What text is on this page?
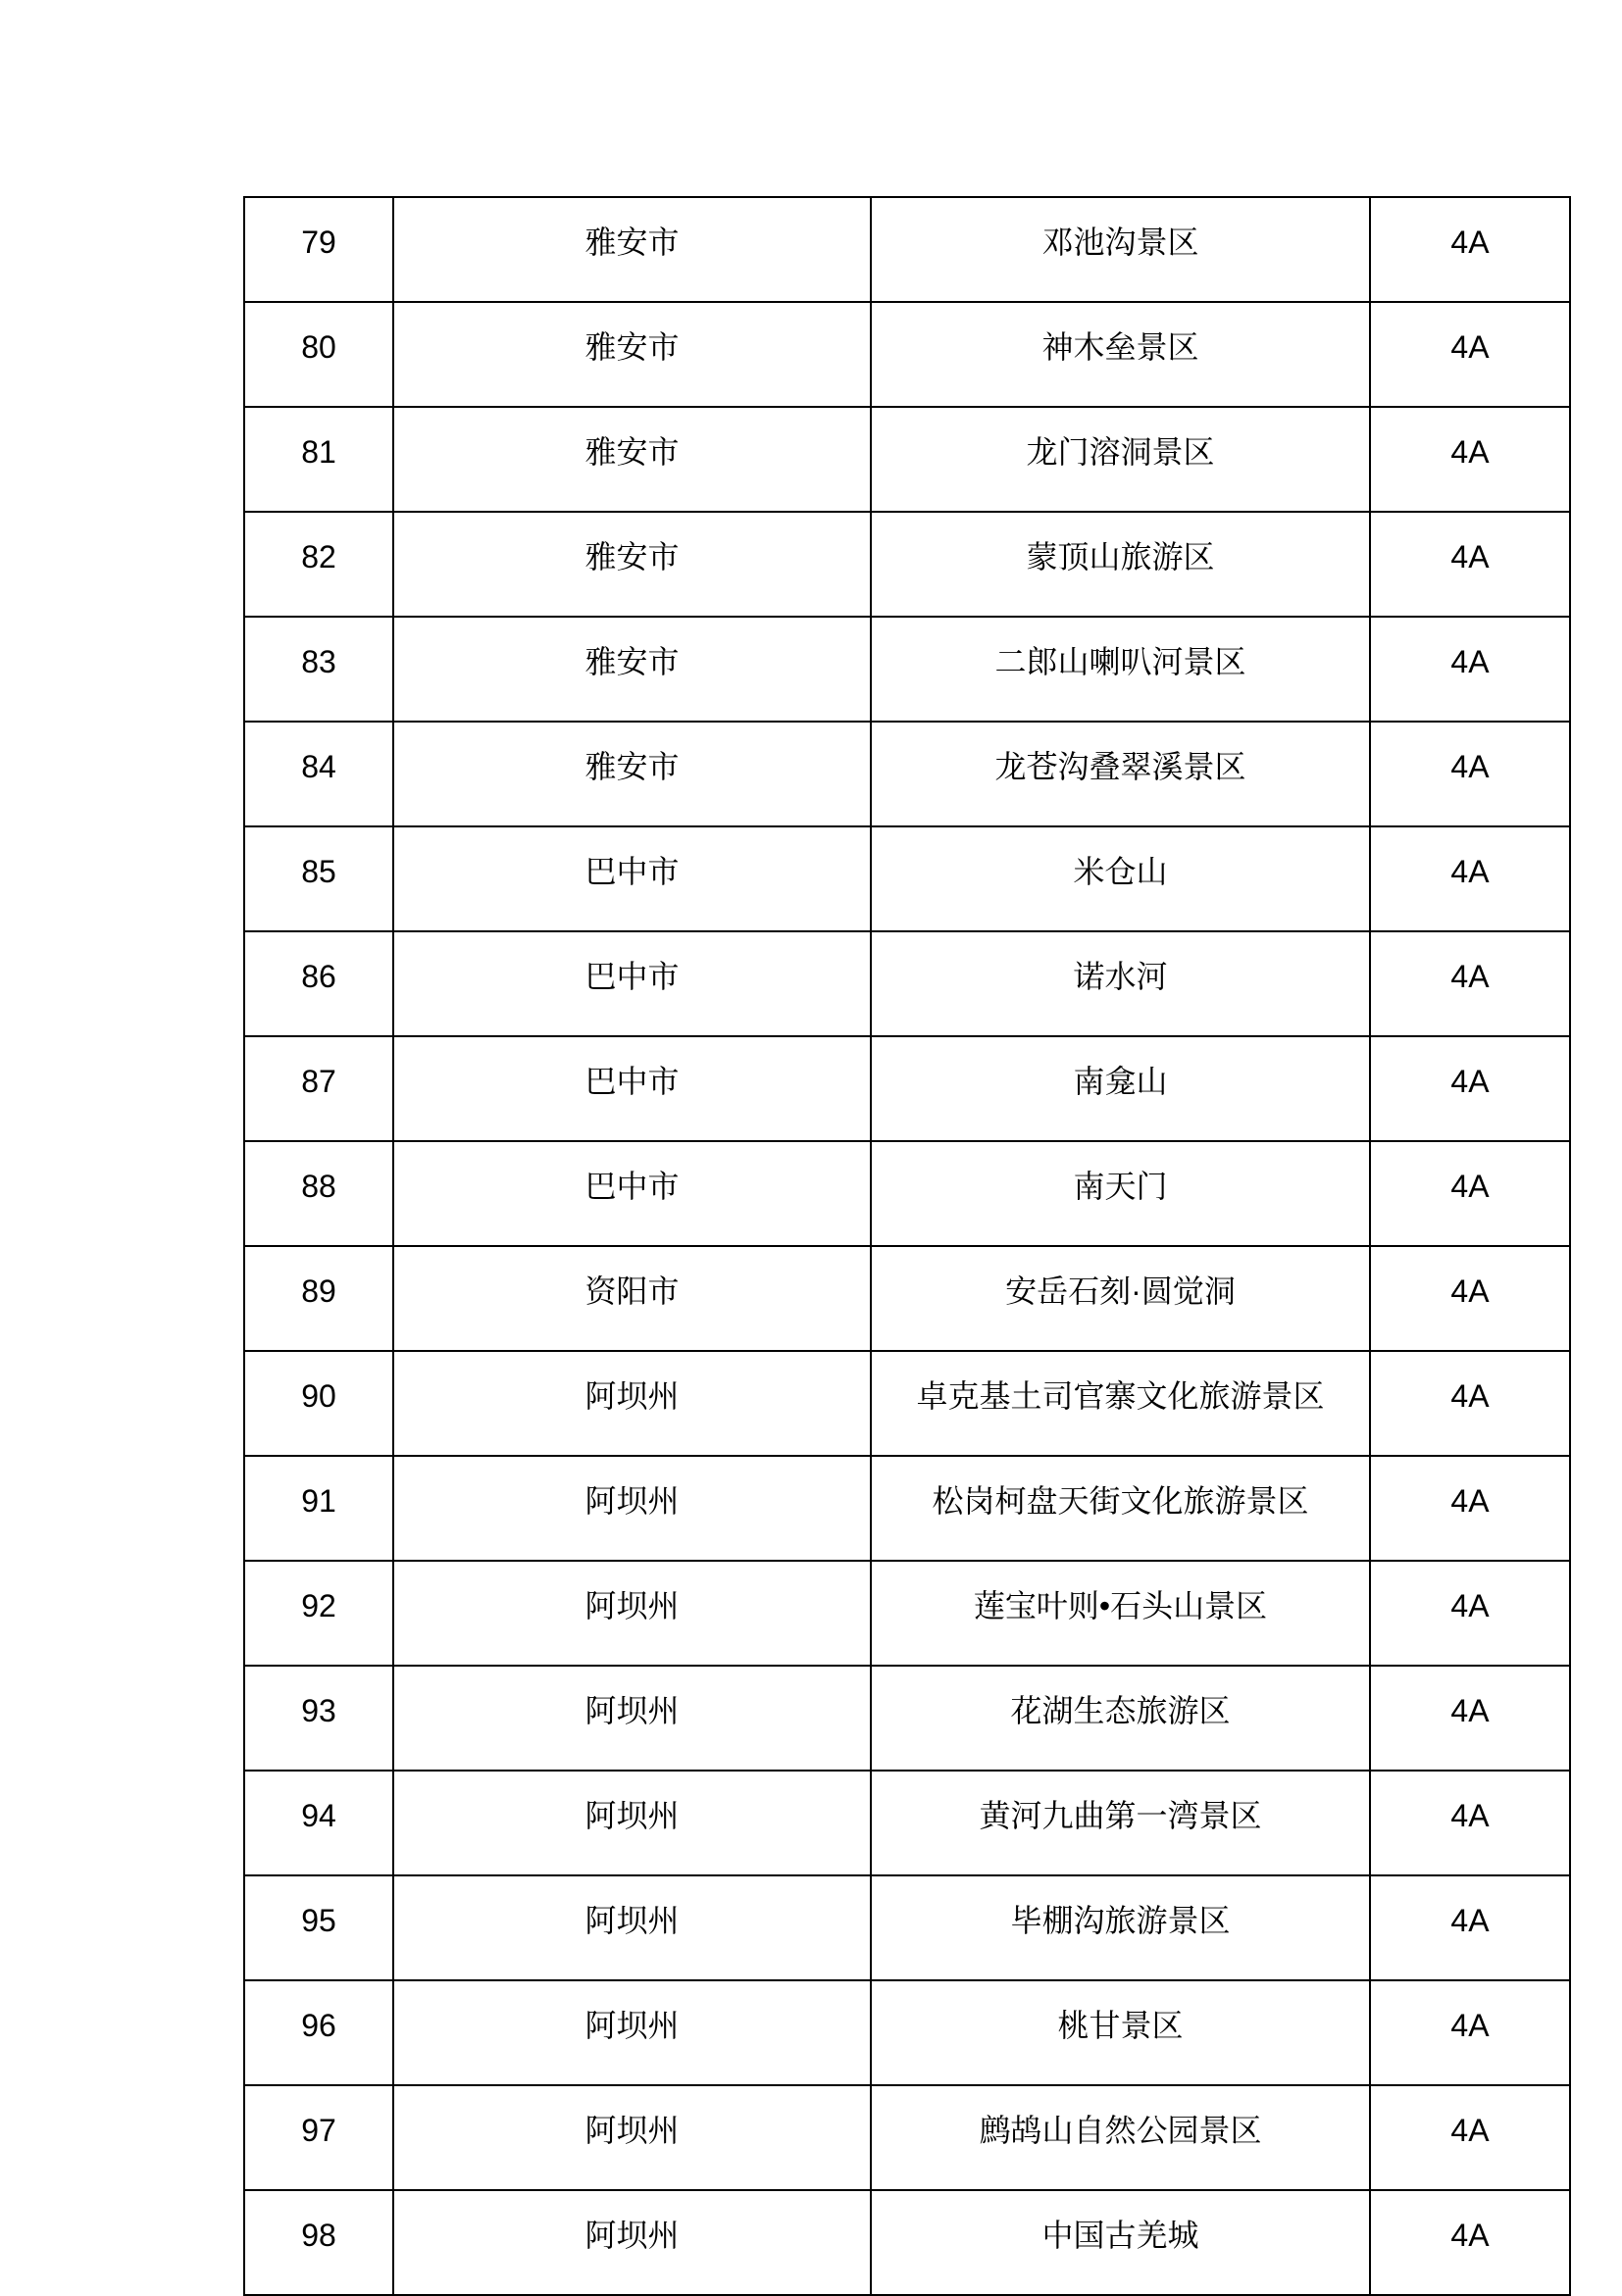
79	雅安市	邓池沟景区	4A
80	雅安市	神木垒景区	4A
81	雅安市	龙门溶洞景区	4A
82	雅安市	蒙顶山旅游区	4A
83	雅安市	二郎山喇叭河景区	4A
84	雅安市	龙苍沟叠翠溪景区	4A
85	巴中市	米仓山	4A
86	巴中市	诺水河	4A
87	巴中市	南龛山	4A
88	巴中市	南天门	4A
89	资阳市	安岳石刻·圆觉洞	4A
90	阿坝州	卓克基土司官寨文化旅游景区	4A
91	阿坝州	松岗柯盘天街文化旅游景区	4A
92	阿坝州	莲宝叶则•石头山景区	4A
93	阿坝州	花湖生态旅游区	4A
94	阿坝州	黄河九曲第一湾景区	4A
95	阿坝州	毕棚沟旅游景区	4A
96	阿坝州	桃甘景区	4A
97	阿坝州	鹧鸪山自然公园景区	4A
98	阿坝州	中国古羌城	4A
